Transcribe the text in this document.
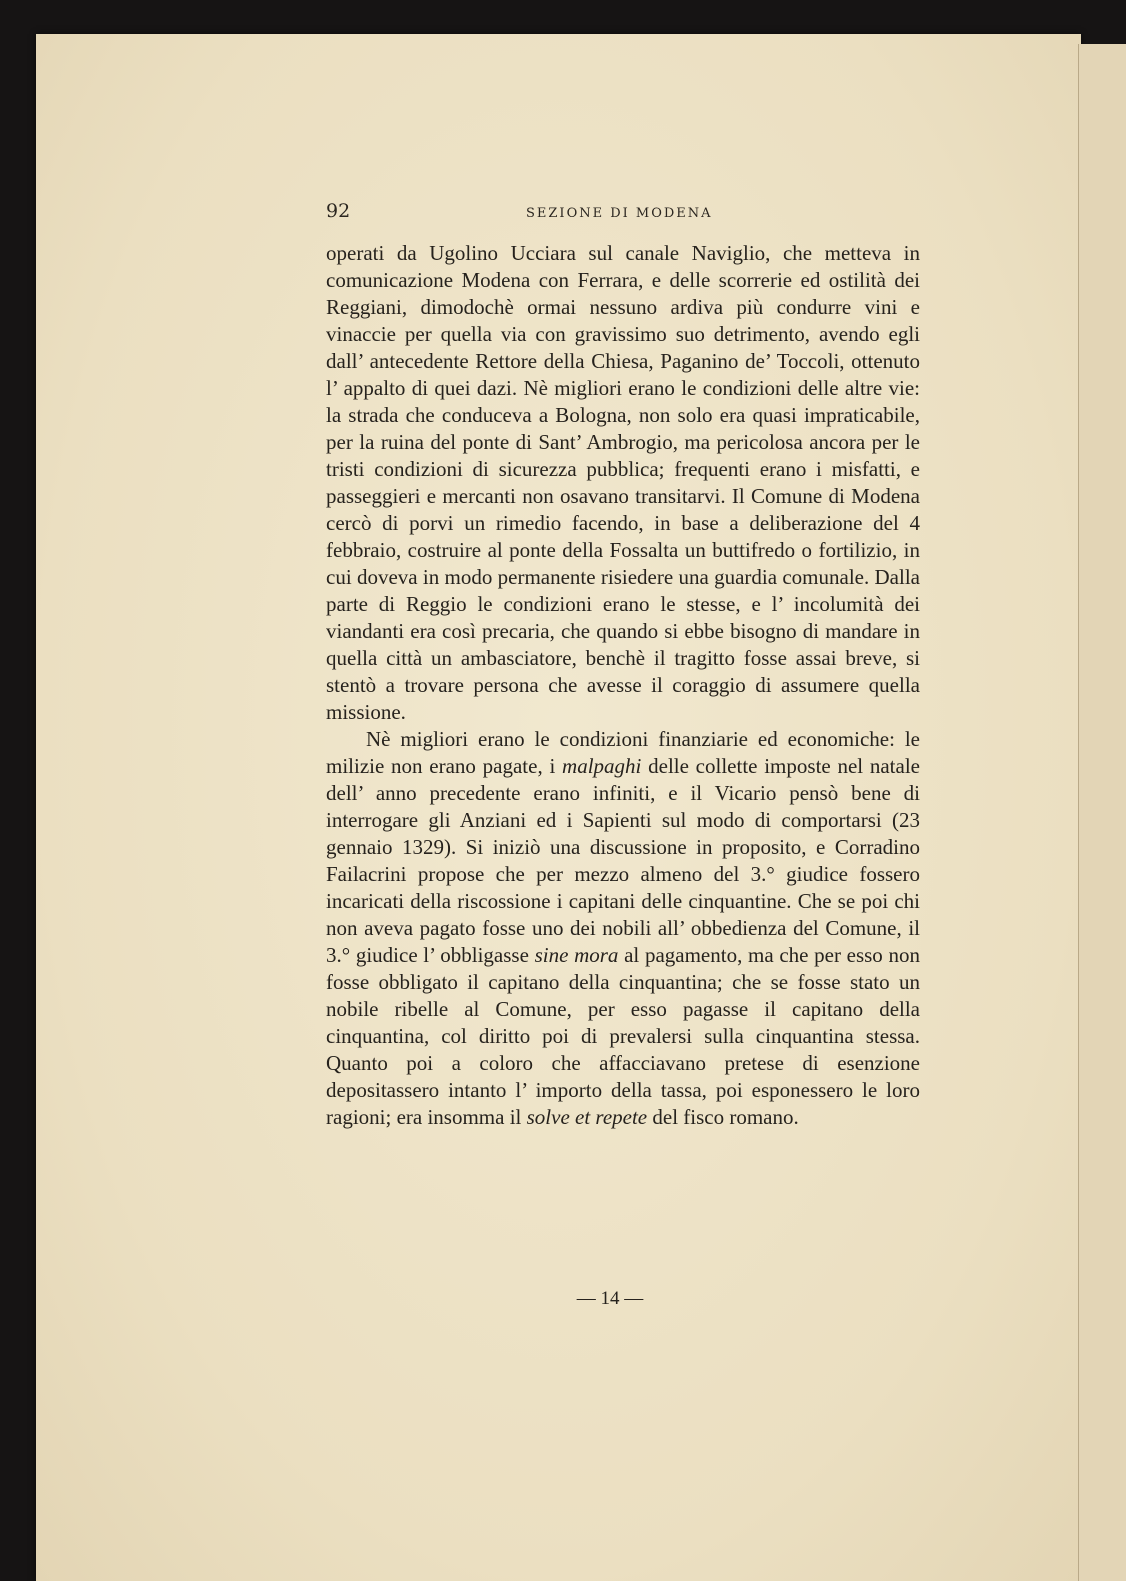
92	SEZIONE DI MODENA

operati da Ugolino Ucciara sul canale Naviglio, che metteva in comunicazione Modena con Ferrara, e delle scorrerie ed ostilità dei Reggiani, dimodochè ormai nessuno ardiva più condurre vini e vinaccie per quella via con gravissimo suo detrimento, avendo egli dall’ antecedente Rettore della Chiesa, Paganino de’ Toccoli, ottenuto l’ appalto di quei dazi. Nè migliori erano le condizioni delle altre vie: la strada che conduceva a Bologna, non solo era quasi impraticabile, per la ruina del ponte di Sant’ Ambrogio, ma pericolosa ancora per le tristi condizioni di sicurezza pubblica; frequenti erano i misfatti, e passeggieri e mercanti non osavano transitarvi. Il Comune di Modena cercò di porvi un rimedio facendo, in base a deliberazione del 4 febbraio, costruire al ponte della Fossalta un buttifredo o fortilizio, in cui doveva in modo permanente risiedere una guardia comunale. Dalla parte di Reggio le condizioni erano le stesse, e l’ incolumità dei viandanti era così precaria, che quando si ebbe bisogno di mandare in quella città un ambasciatore, benchè il tragitto fosse assai breve, si stentò a trovare persona che avesse il coraggio di assumere quella missione.

Nè migliori erano le condizioni finanziarie ed economiche: le milizie non erano pagate, i malpaghi delle collette imposte nel natale dell’ anno precedente erano infiniti, e il Vicario pensò bene di interrogare gli Anziani ed i Sapienti sul modo di comportarsi (23 gennaio 1329). Si iniziò una discussione in proposito, e Corradino Failacrini propose che per mezzo almeno del 3.° giudice fossero incaricati della riscossione i capitani delle cinquantine. Che se poi chi non aveva pagato fosse uno dei nobili all’ obbedienza del Comune, il 3.° giudice l’ obbligasse sine mora al pagamento, ma che per esso non fosse obbligato il capitano della cinquantina; che se fosse stato un nobile ribelle al Comune, per esso pagasse il capitano della cinquantina, col diritto poi di prevalersi sulla cinquantina stessa. Quanto poi a coloro che affacciavano pretese di esenzione depositassero intanto l’ importo della tassa, poi esponessero le loro ragioni; era insomma il solve et repete del fisco romano.

— 14 —
